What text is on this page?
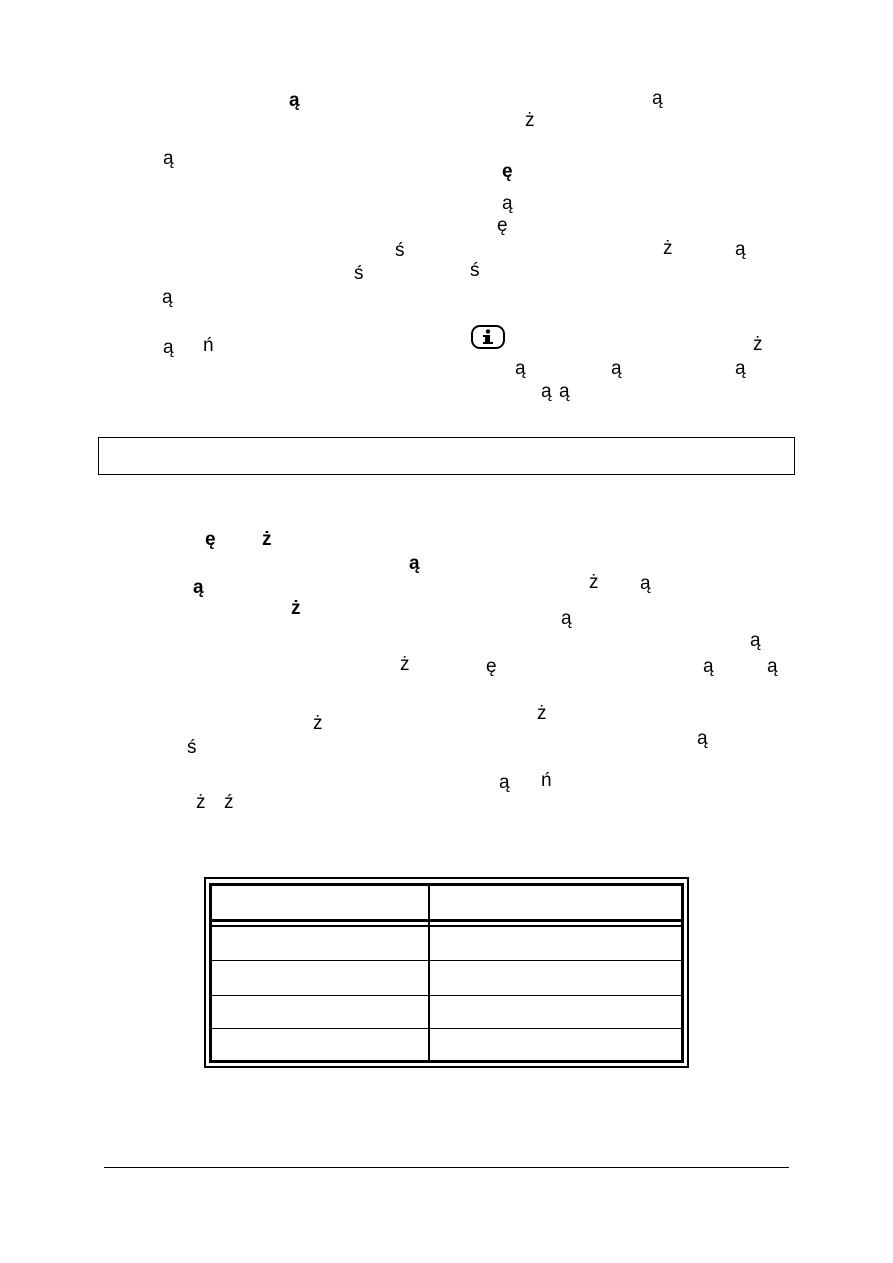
ą	ą
ż
ą
ę
ą
ę
ś	ż	ą
ś	ś
ą
ą ń	ż
ą	ą	ą
ą ą
ę ż
ą
ą	ż ą
ż	ą
ą
ż	ę	ą	ą
ż
ż
ś	ą
ą ń
ż ź
